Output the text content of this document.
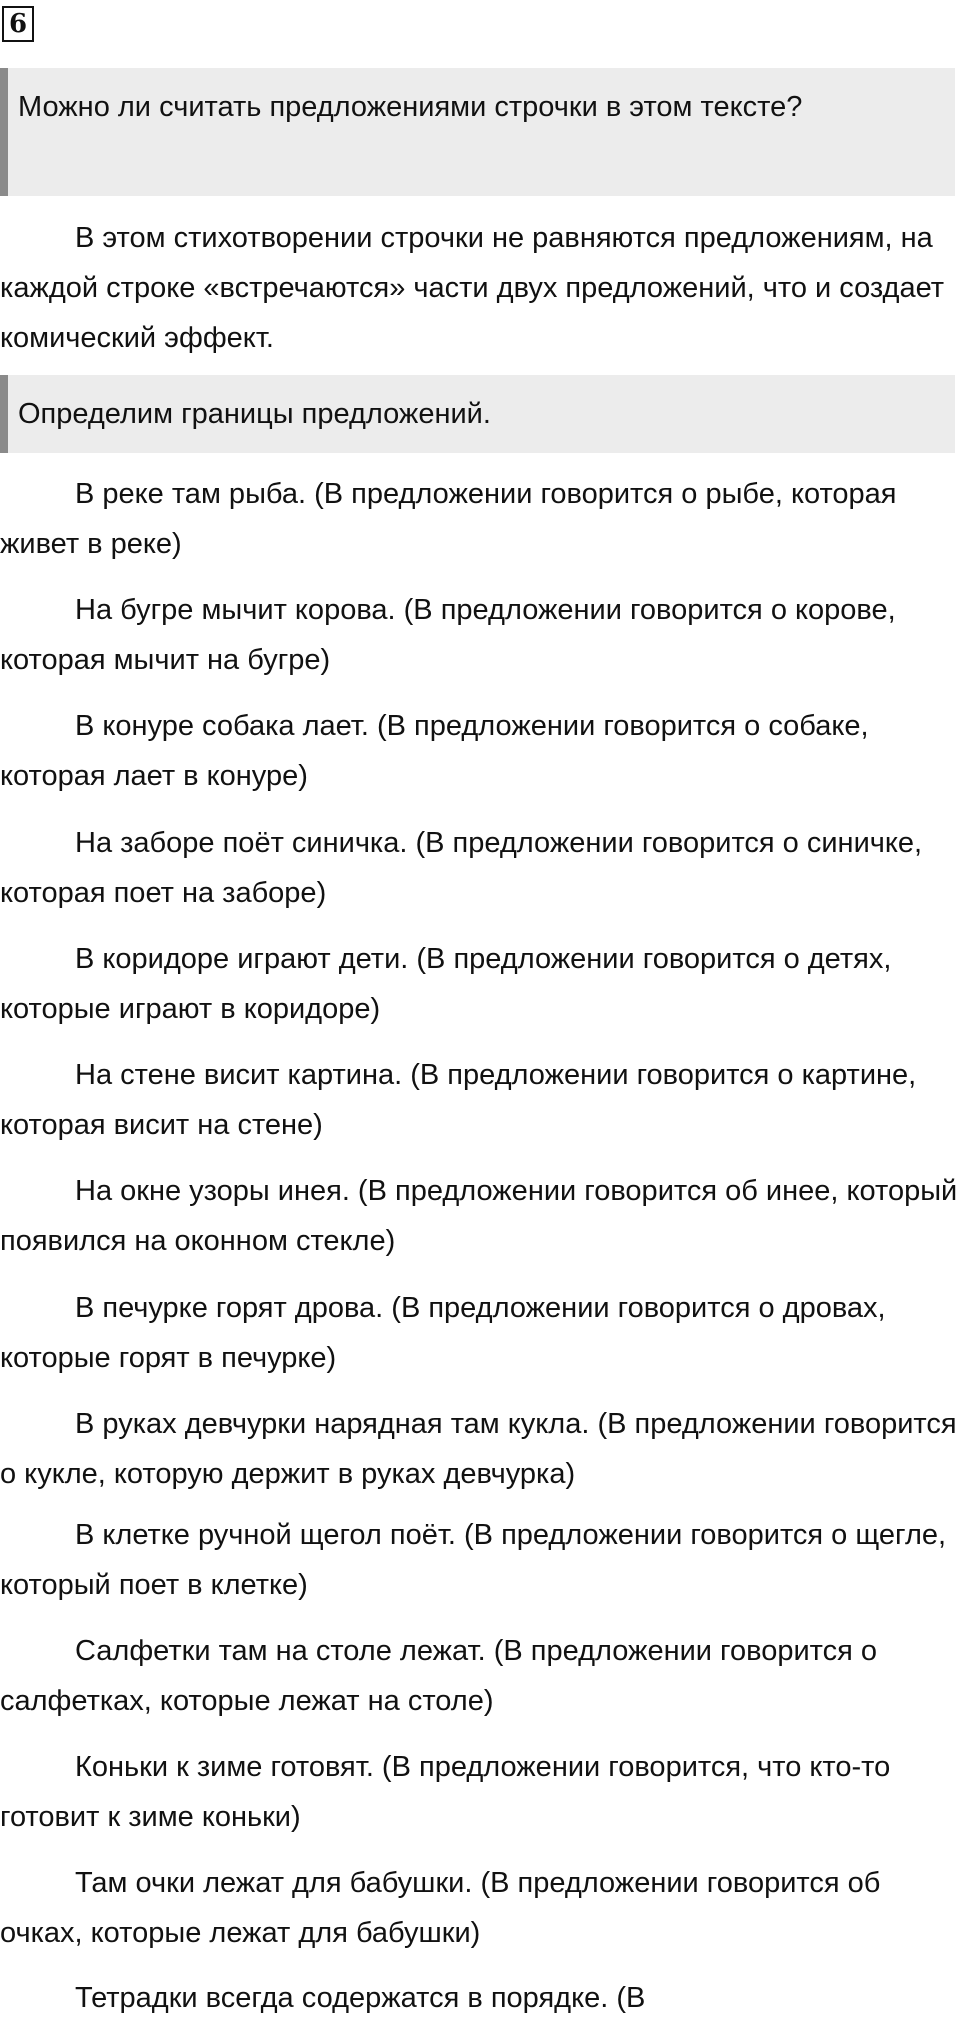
6
Можно ли считать предложениями строчки в этом тексте?
В этом стихотворении строчки не равняются предложениям, на каждой строке «встречаются» части двух предложений, что и создает комический эффект.
Определим границы предложений.
В реке там рыба. (В предложении говорится о рыбе, которая живет в реке)
На бугре мычит корова. (В предложении говорится о корове, которая мычит на бугре)
В конуре собака лает. (В предложении говорится о собаке, которая лает в конуре)
На заборе поёт синичка. (В предложении говорится о синичке, которая поет на заборе)
В коридоре играют дети. (В предложении говорится о детях, которые играют в коридоре)
На стене висит картина. (В предложении говорится о картине, которая висит на стене)
На окне узоры инея. (В предложении говорится об инее, который появился на оконном стекле)
В печурке горят дрова. (В предложении говорится о дровах, которые горят в печурке)
В руках девчурки нарядная там кукла. (В предложении говорится о кукле, которую держит в руках девчурка)
В клетке ручной щегол поёт. (В предложении говорится о щегле, который поет в клетке)
Салфетки там на столе лежат. (В предложении говорится о салфетках, которые лежат на столе)
Коньки к зиме готовят. (В предложении говорится, что кто-то готовит к зиме коньки)
Там очки лежат для бабушки. (В предложении говорится об очках, которые лежат для бабушки)
Тетрадки всегда содержатся в порядке. (В
